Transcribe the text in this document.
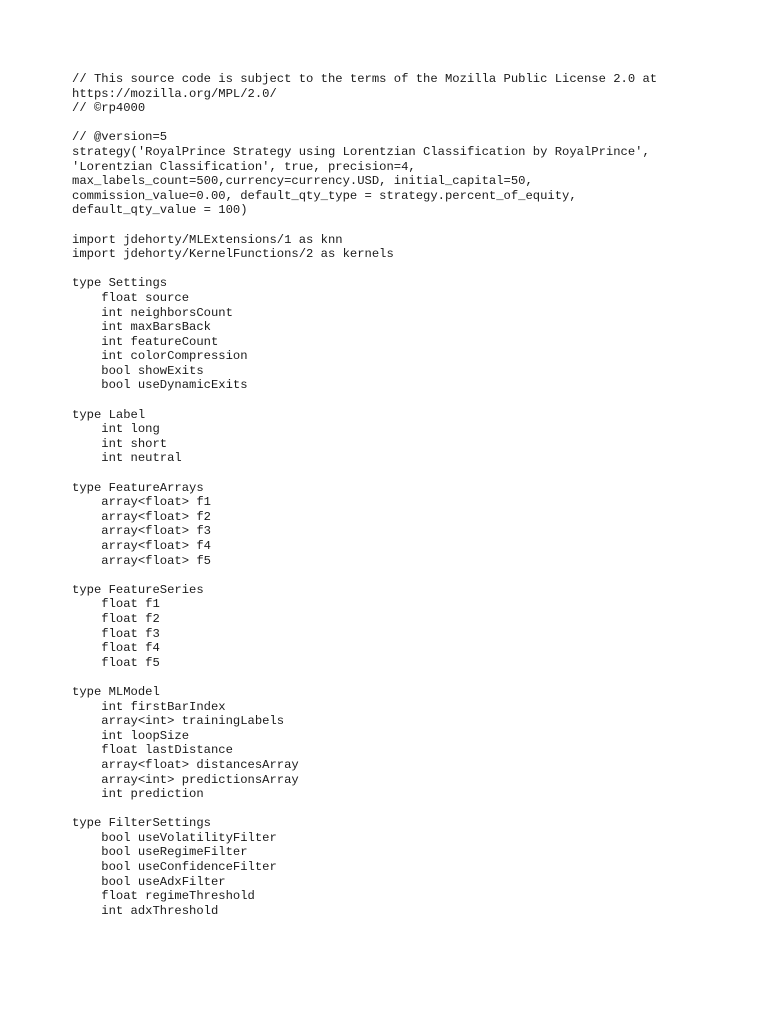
// This source code is subject to the terms of the Mozilla Public License 2.0 at
https://mozilla.org/MPL/2.0/
// ©rp4000
// @version=5
strategy('RoyalPrince Strategy using Lorentzian Classification by RoyalPrince',
'Lorentzian Classification', true, precision=4,
max_labels_count=500,currency=currency.USD, initial_capital=50,
commission_value=0.00, default_qty_type = strategy.percent_of_equity,
default_qty_value = 100)
import jdehorty/MLExtensions/1 as knn
import jdehorty/KernelFunctions/2 as kernels
type Settings
float source
int neighborsCount
int maxBarsBack
int featureCount
int colorCompression
bool showExits
bool useDynamicExits
type Label
int long
int short
int neutral
type FeatureArrays
array<float> f1
array<float> f2
array<float> f3
array<float> f4
array<float> f5
type FeatureSeries
float f1
float f2
float f3
float f4
float f5
type MLModel
int firstBarIndex
array<int> trainingLabels
int loopSize
float lastDistance
array<float> distancesArray
array<int> predictionsArray
int prediction
type FilterSettings
bool useVolatilityFilter
bool useRegimeFilter
bool useConfidenceFilter
bool useAdxFilter
float regimeThreshold
int adxThreshold
